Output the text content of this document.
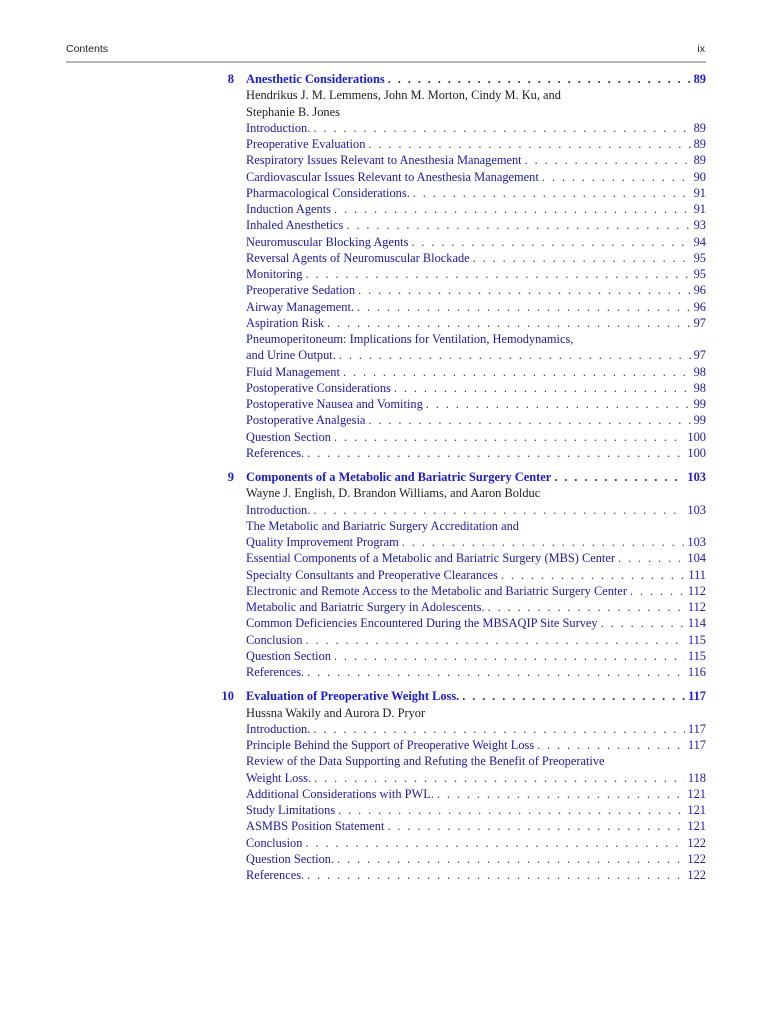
Contents	ix
8 Anesthetic Considerations . . .	89
Hendrikus J. M. Lemmens, John M. Morton, Cindy M. Ku, and
Stephanie B. Jones
Introduction. . . .	89
Preoperative Evaluation . . .	89
Respiratory Issues Relevant to Anesthesia Management . . .	89
Cardiovascular Issues Relevant to Anesthesia Management . . .	90
Pharmacological Considerations. . . .	91
Induction Agents . . .	91
Inhaled Anesthetics . . .	93
Neuromuscular Blocking Agents . . .	94
Reversal Agents of Neuromuscular Blockade . . .	95
Monitoring . . .	95
Preoperative Sedation . . .	96
Airway Management. . . .	96
Aspiration Risk . . .	97
Pneumoperitoneum: Implications for Ventilation, Hemodynamics,
and Urine Output. . . .	97
Fluid Management . . .	98
Postoperative Considerations . . .	98
Postoperative Nausea and Vomiting . . .	99
Postoperative Analgesia . . .	99
Question Section . . .	100
References. . . .	100
9 Components of a Metabolic and Bariatric Surgery Center . . .	103
Wayne J. English, D. Brandon Williams, and Aaron Bolduc
Introduction. . . .	103
The Metabolic and Bariatric Surgery Accreditation and
Quality Improvement Program . . .	103
Essential Components of a Metabolic and Bariatric Surgery (MBS) Center . . .	104
Specialty Consultants and Preoperative Clearances . . .	111
Electronic and Remote Access to the Metabolic and Bariatric Surgery Center . . .	112
Metabolic and Bariatric Surgery in Adolescents. . . .	112
Common Deficiencies Encountered During the MBSAQIP Site Survey . . .	114
Conclusion . . .	115
Question Section . . .	115
References. . . .	116
10 Evaluation of Preoperative Weight Loss. . . .	117
Hussna Wakily and Aurora D. Pryor
Introduction. . . .	117
Principle Behind the Support of Preoperative Weight Loss . . .	117
Review of the Data Supporting and Refuting the Benefit of Preoperative
Weight Loss. . . .	118
Additional Considerations with PWL. . . .	121
Study Limitations . . .	121
ASMBS Position Statement . . .	121
Conclusion . . .	122
Question Section. . . .	122
References. . . .	122
